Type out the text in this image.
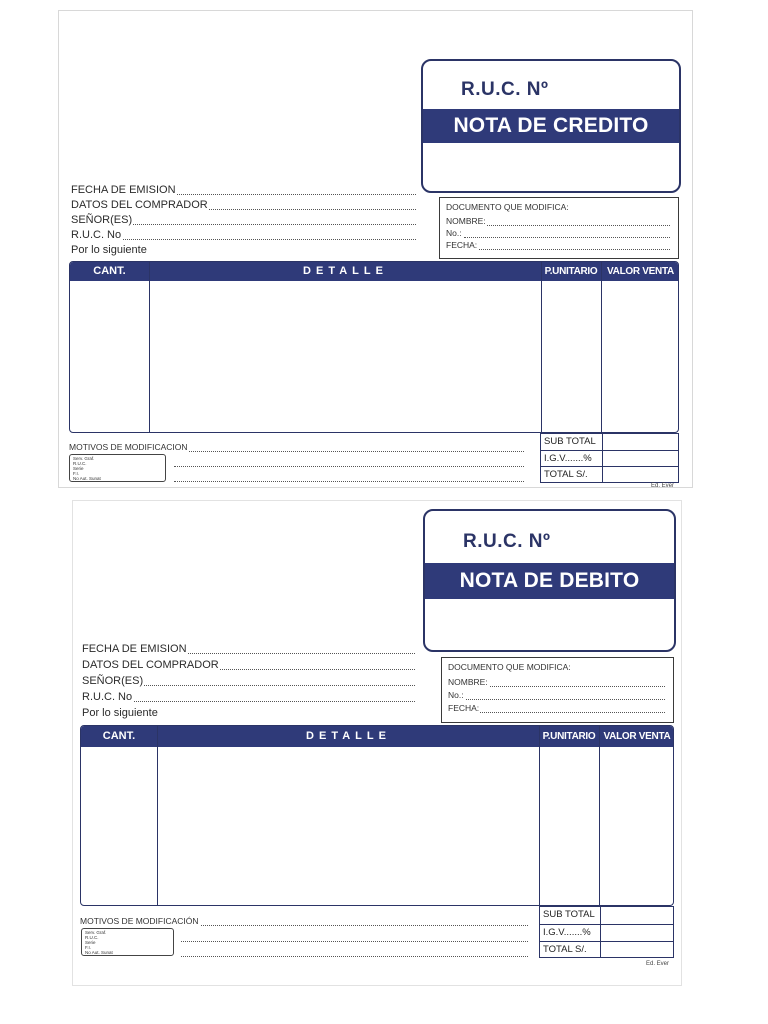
R.U.C. Nº
NOTA DE CREDITO
FECHA DE EMISION
DATOS DEL COMPRADOR
SEÑOR(ES)
R.U.C. No
Por lo siguiente
DOCUMENTO QUE MODIFICA:
NOMBRE:
No.:
FECHA:
CANT.	DETALLE	P.UNITARIO VALOR VENTA
MOTIVOS DE MODIFICACION
Serv. Graf.
R.U.C.
Serie
F.I.
No Aut. Sunat
SUB TOTAL
I.G.V.......%
TOTAL S/.
Ed. Ever
R.U.C. Nº
NOTA DE DEBITO
FECHA DE EMISION
DATOS DEL COMPRADOR
SEÑOR(ES)
R.U.C. No
Por lo siguiente
DOCUMENTO QUE MODIFICA:
NOMBRE:
No.:
FECHA:
CANT.	DETALLE	P.UNITARIO VALOR VENTA
MOTIVOS DE MODIFICACIÓN
Serv. Graf.
R.U.C.
Serie
F.I.
No Aut. Sunat
SUB TOTAL
I.G.V.......%
TOTAL S/.
Ed. Ever
